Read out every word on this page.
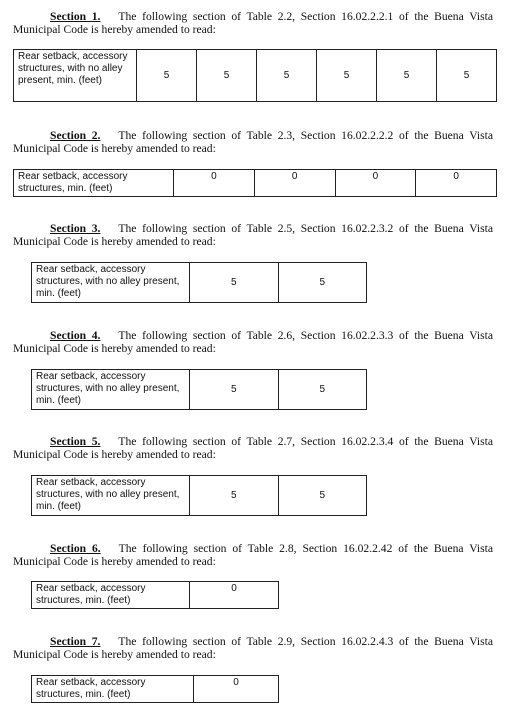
Section 1. The following section of Table 2.2, Section 16.02.2.2.1 of the Buena Vista Municipal Code is hereby amended to read:

Rear setback, accessory structures, with no alley present, min. (feet)	5	5	5	5	5	5

Section 2. The following section of Table 2.3, Section 16.02.2.2.2 of the Buena Vista Municipal Code is hereby amended to read:

Rear setback, accessory structures, min. (feet)	0	0	0	0

Section 3. The following section of Table 2.5, Section 16.02.2.3.2 of the Buena Vista Municipal Code is hereby amended to read:

Rear setback, accessory structures, with no alley present, min. (feet)	5	5

Section 4. The following section of Table 2.6, Section 16.02.2.3.3 of the Buena Vista Municipal Code is hereby amended to read:

Rear setback, accessory structures, with no alley present, min. (feet)	5	5

Section 5. The following section of Table 2.7, Section 16.02.2.3.4 of the Buena Vista Municipal Code is hereby amended to read:

Rear setback, accessory structures, with no alley present, min. (feet)	5	5

Section 6. The following section of Table 2.8, Section 16.02.2.42 of the Buena Vista Municipal Code is hereby amended to read:

Rear setback, accessory structures, min. (feet)	0

Section 7. The following section of Table 2.9, Section 16.02.2.4.3 of the Buena Vista Municipal Code is hereby amended to read:

Rear setback, accessory structures, min. (feet)	0
